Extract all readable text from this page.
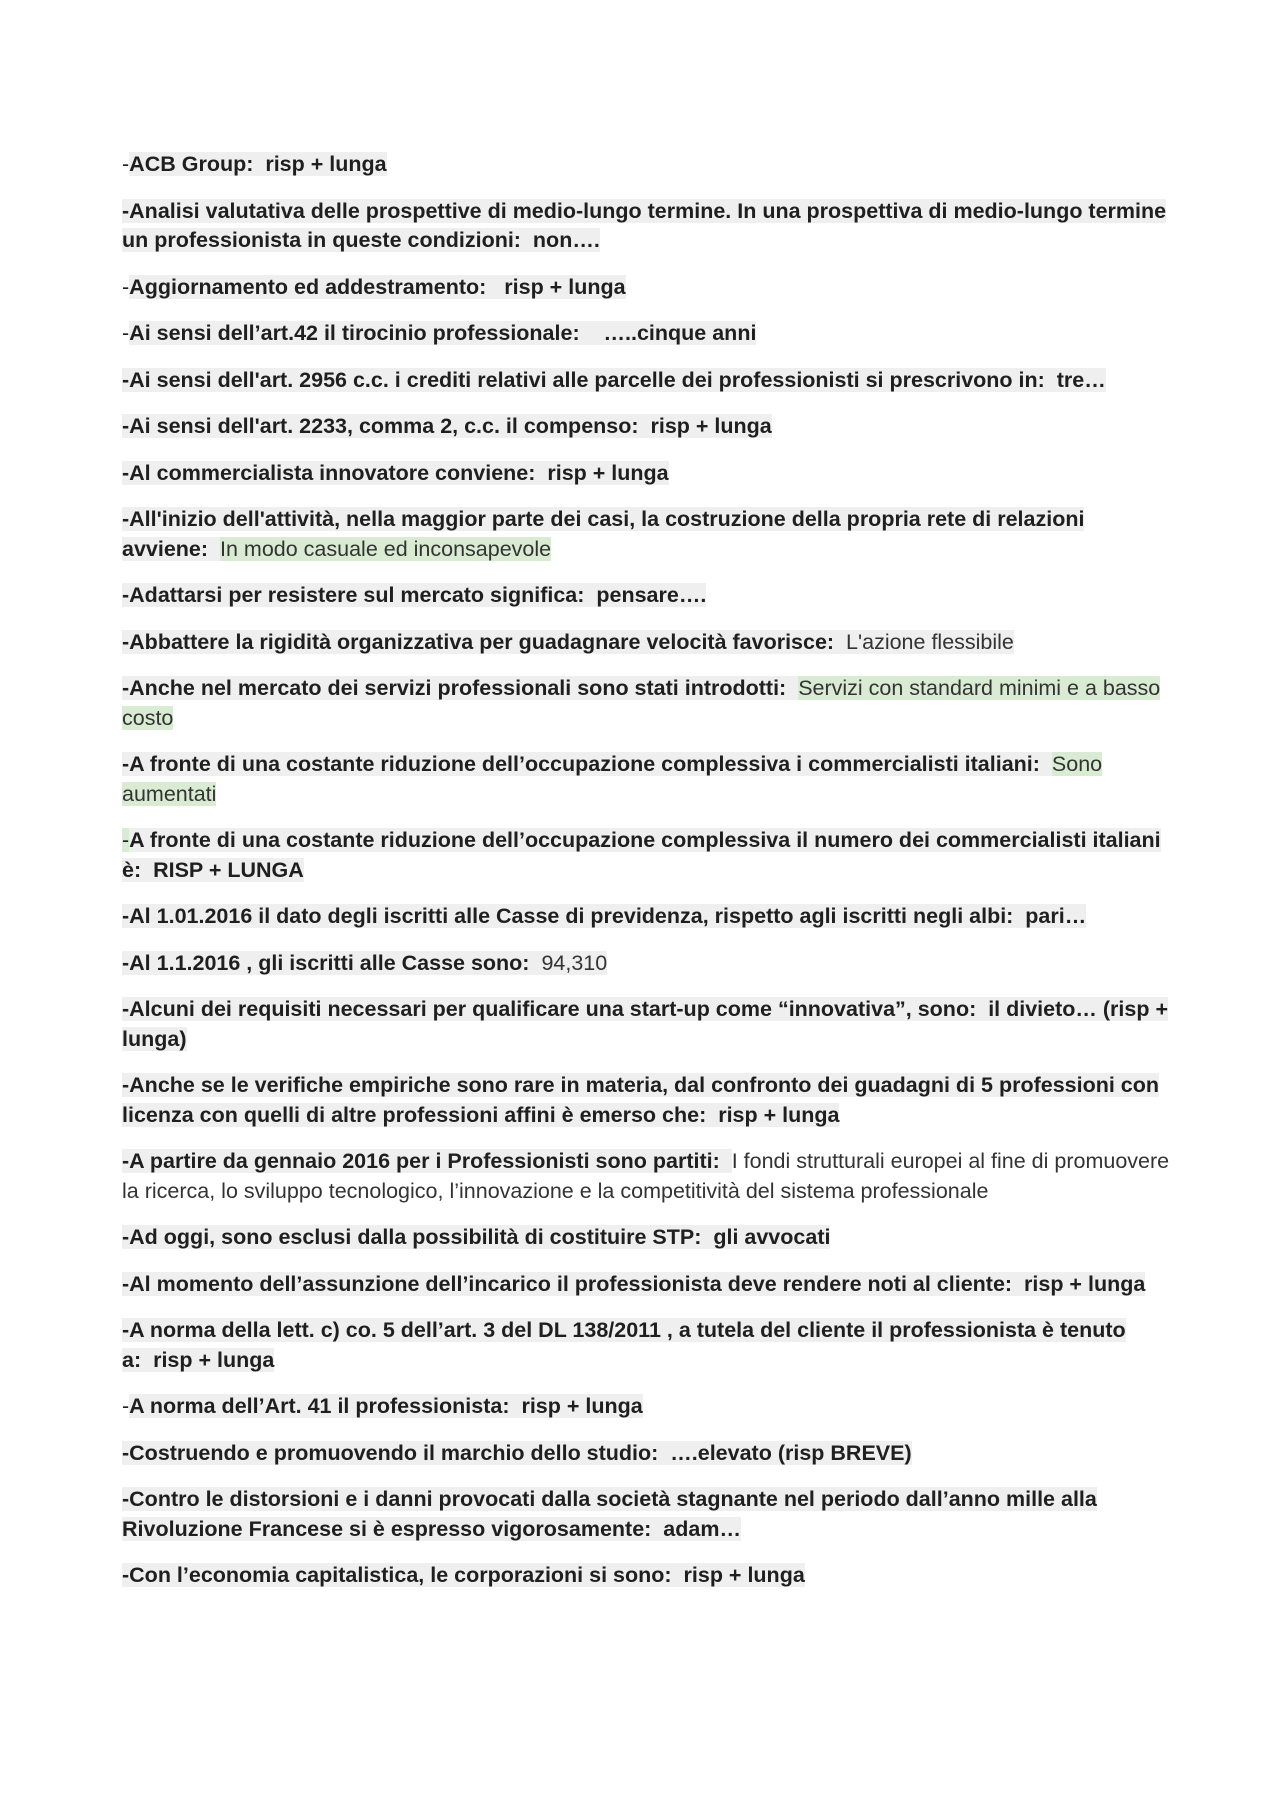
-ACB Group: risp + lunga
-Analisi valutativa delle prospettive di medio-lungo termine. In una prospettiva di medio-lungo termine un professionista in queste condizioni: non….
-Aggiornamento ed addestramento: risp + lunga
-Ai sensi dell’art.42 il tirocinio professionale: …..cinque anni
-Ai sensi dell'art. 2956 c.c. i crediti relativi alle parcelle dei professionisti si prescrivono in: tre…
-Ai sensi dell'art. 2233, comma 2, c.c. il compenso: risp + lunga
-Al commercialista innovatore conviene: risp + lunga
-All'inizio dell'attività, nella maggior parte dei casi, la costruzione della propria rete di relazioni avviene: In modo casuale ed inconsapevole
-Adattarsi per resistere sul mercato significa: pensare….
-Abbattere la rigidità organizzativa per guadagnare velocità favorisce: L'azione flessibile
-Anche nel mercato dei servizi professionali sono stati introdotti: Servizi con standard minimi e a basso costo
-A fronte di una costante riduzione dell’occupazione complessiva i commercialisti italiani: Sono aumentati
-A fronte di una costante riduzione dell’occupazione complessiva il numero dei commercialisti italiani è: RISP + LUNGA
-Al 1.01.2016 il dato degli iscritti alle Casse di previdenza, rispetto agli iscritti negli albi: pari…
-Al 1.1.2016 , gli iscritti alle Casse sono: 94,310
-Alcuni dei requisiti necessari per qualificare una start-up come “innovativa”, sono: il divieto… (risp + lunga)
-Anche se le verifiche empiriche sono rare in materia, dal confronto dei guadagni di 5 professioni con licenza con quelli di altre professioni affini è emerso che: risp + lunga
-A partire da gennaio 2016 per i Professionisti sono partiti: I fondi strutturali europei al fine di promuovere la ricerca, lo sviluppo tecnologico, l’innovazione e la competitività del sistema professionale
-Ad oggi, sono esclusi dalla possibilità di costituire STP: gli avvocati
-Al momento dell’assunzione dell’incarico il professionista deve rendere noti al cliente: risp + lunga
-A norma della lett. c) co. 5 dell’art. 3 del DL 138/2011 , a tutela del cliente il professionista è tenuto a: risp + lunga
-A norma dell’Art. 41 il professionista: risp + lunga
-Costruendo e promuovendo il marchio dello studio: ….elevato (risp BREVE)
-Contro le distorsioni e i danni provocati dalla società stagnante nel periodo dall’anno mille alla Rivoluzione Francese si è espresso vigorosamente: adam…
-Con l’economia capitalistica, le corporazioni si sono: risp + lunga
